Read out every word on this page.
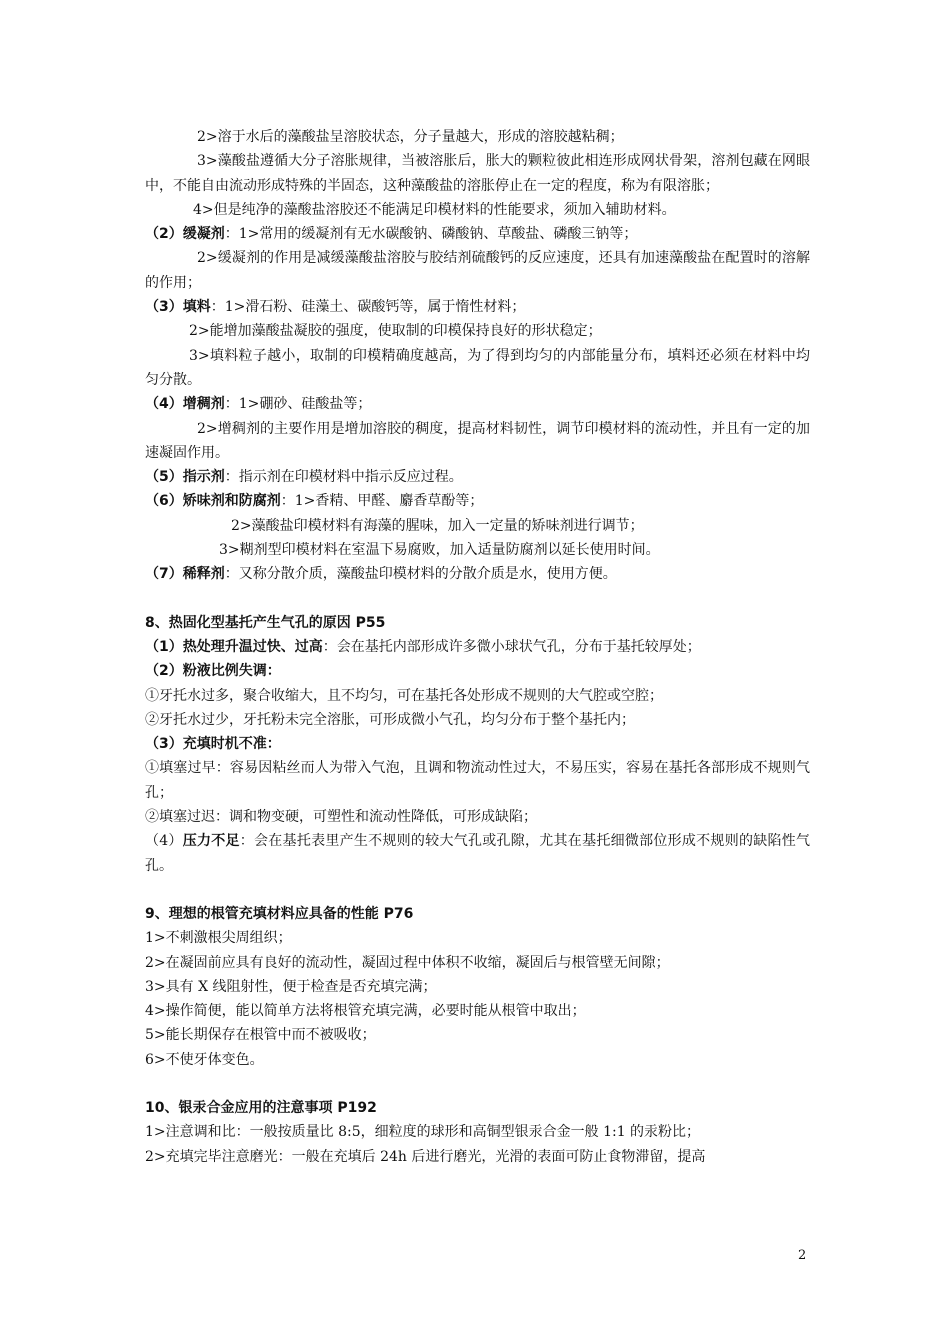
2>溶于水后的藻酸盐呈溶胶状态，分子量越大，形成的溶胶越粘稠；

3>藻酸盐遵循大分子溶胀规律，当被溶胀后，胀大的颗粒彼此相连形成网状骨架，溶剂包藏在网眼中，不能自由流动形成特殊的半固态，这种藻酸盐的溶胀停止在一定的程度，称为有限溶胀；

4>但是纯净的藻酸盐溶胶还不能满足印模材料的性能要求，须加入辅助材料。

（2）缓凝剂：1>常用的缓凝剂有无水碳酸钠、磷酸钠、草酸盐、磷酸三钠等；

2>缓凝剂的作用是减缓藻酸盐溶胶与胶结剂硫酸钙的反应速度，还具有加速藻酸盐在配置时的溶解的作用；

（3）填料：1>滑石粉、硅藻土、碳酸钙等，属于惰性材料；

2>能增加藻酸盐凝胶的强度，使取制的印模保持良好的形状稳定；

3>填料粒子越小，取制的印模精确度越高，为了得到均匀的内部能量分布，填料还必须在材料中均匀分散。

（4）增稠剂：1>硼砂、硅酸盐等；

2>增稠剂的主要作用是增加溶胶的稠度，提高材料韧性，调节印模材料的流动性，并且有一定的加速凝固作用。

（5）指示剂：指示剂在印模材料中指示反应过程。

（6）矫味剂和防腐剂：1>香精、甲醛、麝香草酚等；

2>藻酸盐印模材料有海藻的腥味，加入一定量的矫味剂进行调节；

3>糊剂型印模材料在室温下易腐败，加入适量防腐剂以延长使用时间。

（7）稀释剂：又称分散介质，藻酸盐印模材料的分散介质是水，使用方便。

8、热固化型基托产生气孔的原因 P55

（1）热处理升温过快、过高：会在基托内部形成许多微小球状气孔，分布于基托较厚处；

（2）粉液比例失调：

①牙托水过多，聚合收缩大，且不均匀，可在基托各处形成不规则的大气腔或空腔；

②牙托水过少，牙托粉未完全溶胀，可形成微小气孔，均匀分布于整个基托内；

（3）充填时机不准：

①填塞过早：容易因粘丝而人为带入气泡，且调和物流动性过大，不易压实，容易在基托各部形成不规则气孔；

②填塞过迟：调和物变硬，可塑性和流动性降低，可形成缺陷；

（4）压力不足：会在基托表里产生不规则的较大气孔或孔隙，尤其在基托细微部位形成不规则的缺陷性气孔。

9、理想的根管充填材料应具备的性能 P76

1>不刺激根尖周组织；

2>在凝固前应具有良好的流动性，凝固过程中体积不收缩，凝固后与根管壁无间隙；

3>具有 X 线阻射性，便于检查是否充填完满；

4>操作简便，能以简单方法将根管充填完满，必要时能从根管中取出；

5>能长期保存在根管中而不被吸收；

6>不使牙体变色。

10、银汞合金应用的注意事项 P192

1>注意调和比：一般按质量比 8:5，细粒度的球形和高铜型银汞合金一般 1:1 的汞粉比；

2>充填完毕注意磨光：一般在充填后 24h 后进行磨光，光滑的表面可防止食物滞留，提高

2
